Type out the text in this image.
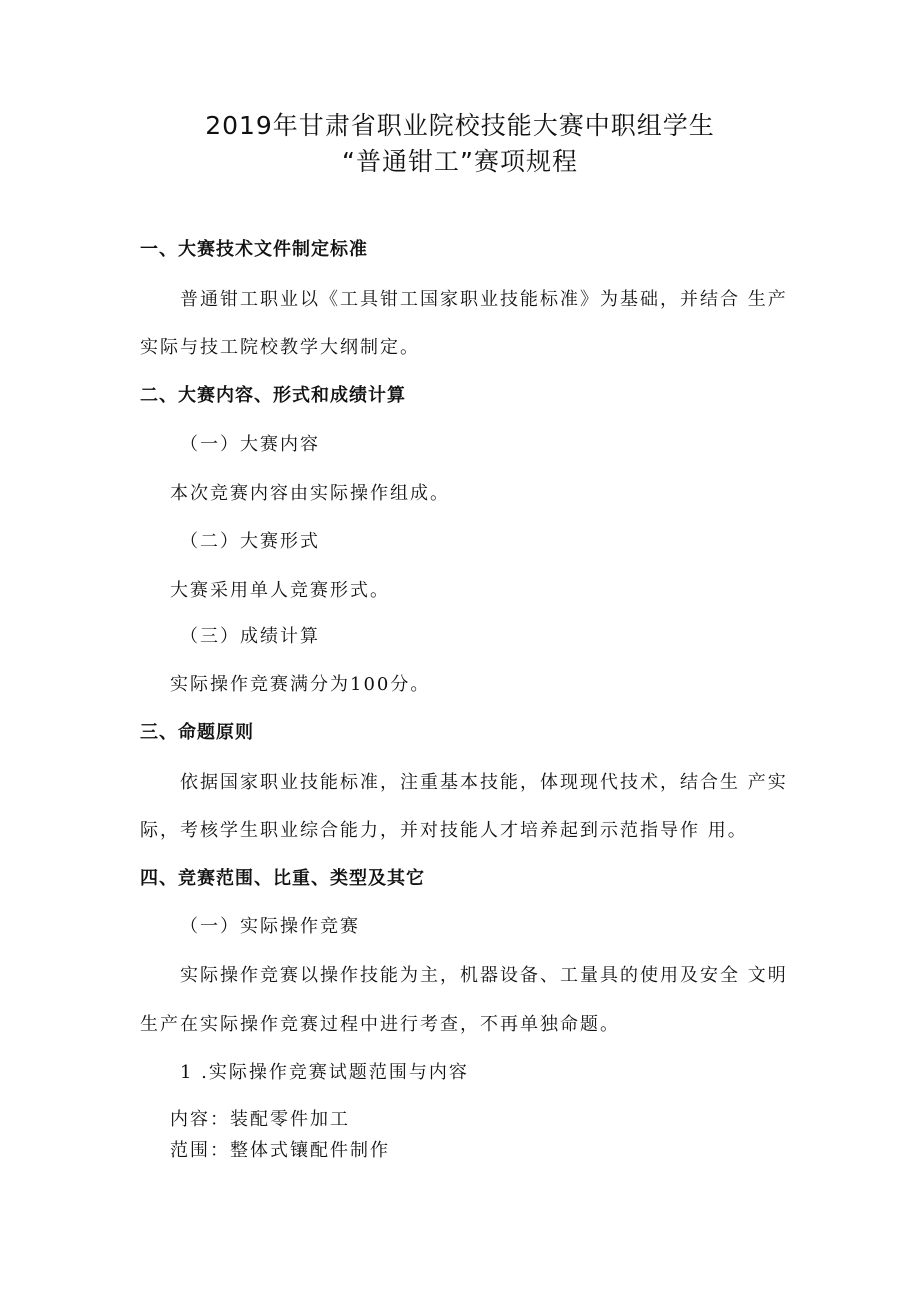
2019年甘肃省职业院校技能大赛中职组学生
“普通钳工”赛项规程
一、大赛技术文件制定标准
普通钳工职业以《工具钳工国家职业技能标准》为基础，并结合 生产
实际与技工院校教学大纲制定。
二、大赛内容、形式和成绩计算
（一）大赛内容
本次竞赛内容由实际操作组成。
（二）大赛形式
大赛采用单人竞赛形式。
（三）成绩计算
实际操作竞赛满分为100分。
三、命题原则
依据国家职业技能标准，注重基本技能，体现现代技术，结合生 产实
际，考核学生职业综合能力，并对技能人才培养起到示范指导作 用。
四、竞赛范围、比重、类型及其它
（一）实际操作竞赛
实际操作竞赛以操作技能为主，机器设备、工量具的使用及安全 文明
生产在实际操作竞赛过程中进行考查，不再单独命题。
1 .实际操作竞赛试题范围与内容
内容：装配零件加工
范围：整体式镶配件制作
